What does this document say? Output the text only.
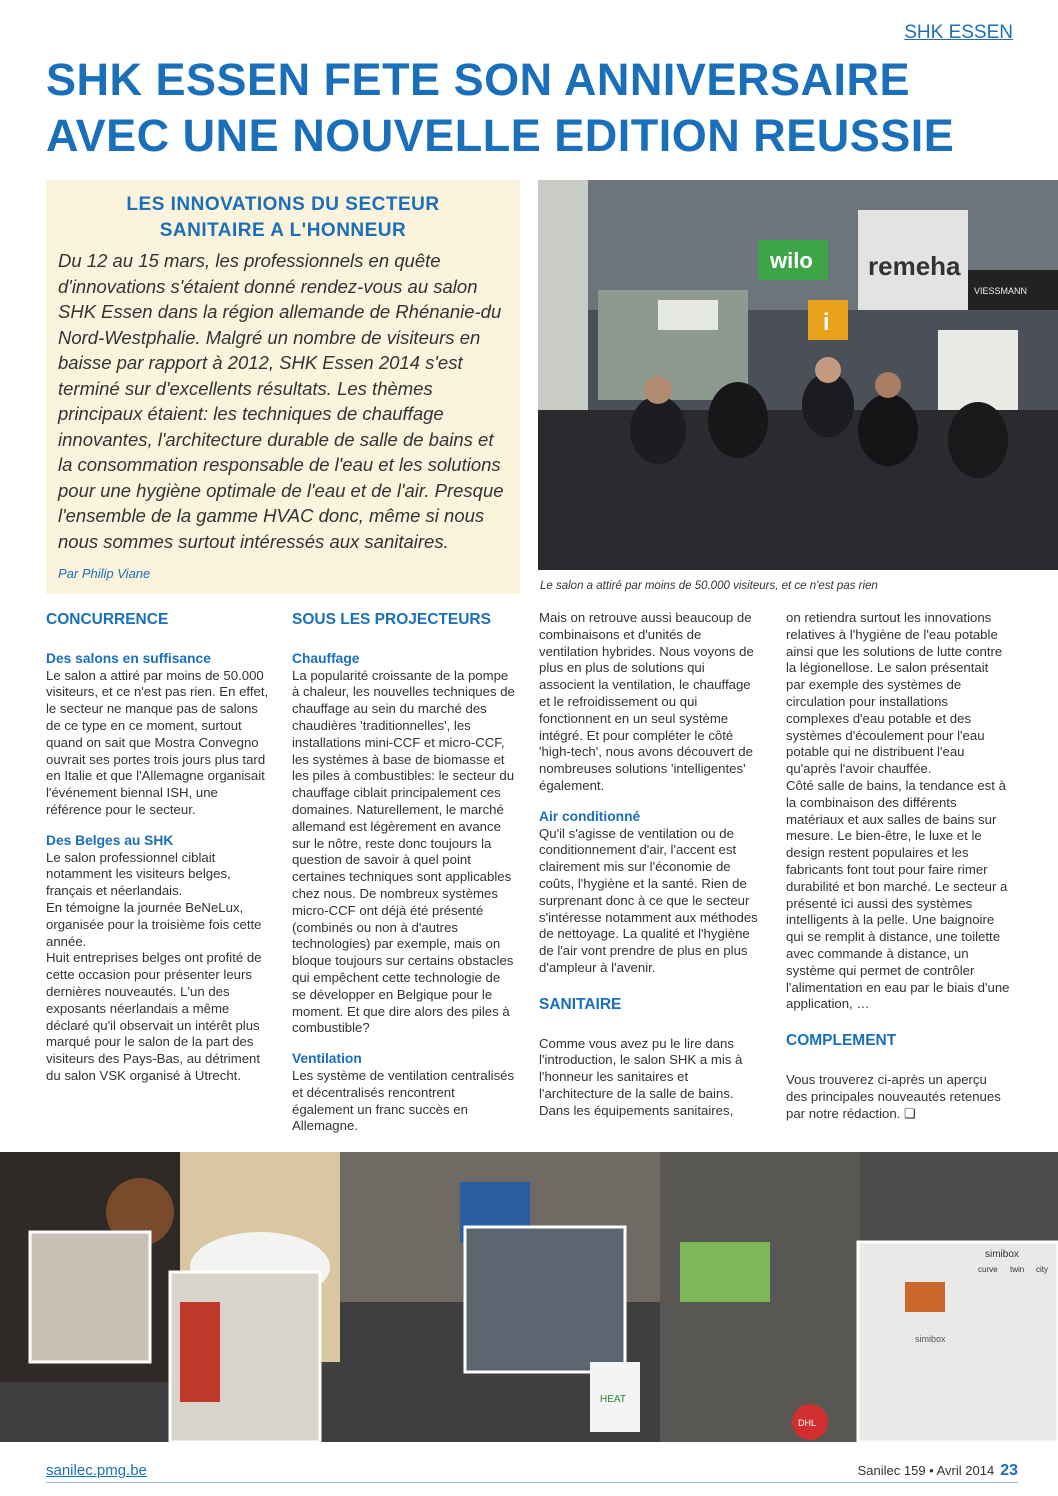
SHK ESSEN
SHK ESSEN FETE SON ANNIVERSAIRE
AVEC UNE NOUVELLE EDITION REUSSIE
LES INNOVATIONS DU SECTEUR
SANITAIRE A L'HONNEUR
Du 12 au 15 mars, les professionnels en quête d'innovations s'étaient donné rendez-vous au salon SHK Essen dans la région allemande de Rhénanie-du Nord-Westphalie. Malgré un nombre de visiteurs en baisse par rapport à 2012, SHK Essen 2014 s'est terminé sur d'excellents résultats. Les thèmes principaux étaient: les techniques de chauffage innovantes, l'architecture durable de salle de bains et la consommation responsable de l'eau et les solutions pour une hygiène optimale de l'eau et de l'air. Presque l'ensemble de la gamme HVAC donc, même si nous nous sommes surtout intéressés aux sanitaires.
Par Philip Viane
wilo
i
remeha
VIESSMANN
Le salon a attiré par moins de 50.000 visiteurs, et ce n'est pas rien
CONCURRENCE
Des salons en suffisance

Le salon a attiré par moins de 50.000 visiteurs, et ce n'est pas rien. En effet, le secteur ne manque pas de salons de ce type en ce moment, surtout quand on sait que Mostra Convegno ouvrait ses portes trois jours plus tard en Italie et que l'Allemagne organisait l'événement biennal ISH, une référence pour le secteur.

Des Belges au SHK

Le salon professionnel ciblait notamment les visiteurs belges, français et néerlandais.

En témoigne la journée BeNeLux, organisée pour la troisième fois cette année.

Huit entreprises belges ont profité de cette occasion pour présenter leurs dernières nouveautés. L'un des exposants néerlandais a même déclaré qu'il observait un intérêt plus marqué pour le salon de la part des visiteurs des Pays-Bas, au détriment du salon VSK organisé à Utrecht.

SOUS LES PROJECTEURS
Chauffage

La popularité croissante de la pompe à chaleur, les nouvelles techniques de chauffage au sein du marché des chaudières 'traditionnelles', les installations mini-CCF et micro-CCF, les systèmes à base de biomasse et les piles à combustibles: le secteur du chauffage ciblait principalement ces domaines. Naturellement, le marché allemand est légèrement en avance sur le nôtre, reste donc toujours la question de savoir à quel point certaines techniques sont applicables chez nous. De nombreux systèmes micro-CCF ont déjà été présenté (combinés ou non à d'autres technologies) par exemple, mais on bloque toujours sur certains obstacles qui empêchent cette technologie de se développer en Belgique pour le moment. Et que dire alors des piles à combustible?

Ventilation

Les système de ventilation centralisés et décentralisés rencontrent également un franc succès en Allemagne.

Mais on retrouve aussi beaucoup de combinaisons et d'unités de ventilation hybrides. Nous voyons de plus en plus de solutions qui associent la ventilation, le chauffage et le refroidissement ou qui fonctionnent en un seul système intégré. Et pour compléter le côté 'high-tech', nous avons découvert de nombreuses solutions 'intelligentes' également.

Air conditionné

Qu'il s'agisse de ventilation ou de conditionnement d'air, l'accent est clairement mis sur l'économie de coûts, l'hygiène et la santé. Rien de surprenant donc à ce que le secteur s'intéresse notamment aux méthodes de nettoyage. La qualité et l'hygiène de l'air vont prendre de plus en plus d'ampleur à l'avenir.

SANITAIRE

Comme vous avez pu le lire dans l'introduction, le salon SHK a mis à l'honneur les sanitaires et l'architecture de la salle de bains. Dans les équipements sanitaires,

on retiendra surtout les innovations relatives à l'hygiène de l'eau potable ainsi que les solutions de lutte contre la légionellose. Le salon présentait par exemple des systèmes de circulation pour installations complexes d'eau potable et des systèmes d'écoulement pour l'eau potable qui ne distribuent l'eau qu'après l'avoir chauffée.

Côté salle de bains, la tendance est à la combinaison des différents matériaux et aux salles de bains sur mesure. Le bien-être, le luxe et le design restent populaires et les fabricants font tout pour faire rimer durabilité et bon marché. Le secteur a présenté ici aussi des systèmes intelligents à la pelle. Une baignoire qui se remplit à distance, une toilette avec commande à distance, un système qui permet de contrôler l'alimentation en eau par le biais d'une application, …

COMPLEMENT

Vous trouverez ci-après un aperçu des principales nouveautés retenues par notre rédaction. ❑

simibox
curve twin city
simibox
HEAT
DHL
sanilec.pmg.be	Sanilec 159 • Avril 2014 23
